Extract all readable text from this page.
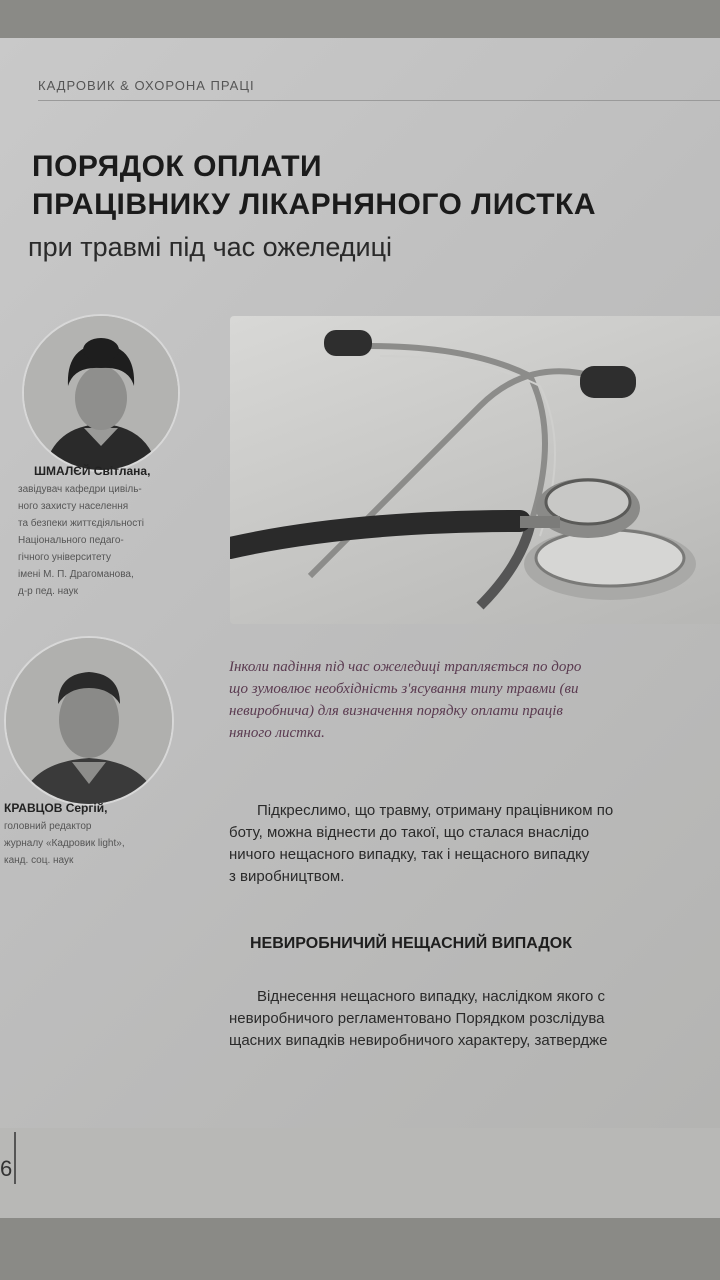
КАДРОВИК & ОХОРОНА ПРАЦІ
ПОРЯДОК ОПЛАТИ
ПРАЦІВНИКУ ЛІКАРНЯНОГО ЛИСТКА
при травмі під час ожеледиці
ШМАЛЄЙ Світлана,
завідувач кафедри цивіль-
ного захисту населення
та безпеки життєдіяльності
Національного педаго-
гічного університету
імені М. П. Драгоманова,
д-р пед. наук
КРАВЦОВ Сергій,
головний редактор
журналу «Кадровик light»,
канд. соц. наук

Інколи падіння під час ожеледиці трапляється по доро

що зумовлює необхідність з'ясування типу травми (ви

невиробнича) для визначення порядку оплати праців

няного листка.

Підкреслимо, що травму, отриману працівником по

боту, можна віднести до такої, що сталася внаслідо

ничого нещасного випадку, так і нещасного випадку

з виробництвом.

НЕВИРОБНИЧИЙ НЕЩАСНИЙ ВИПАДОК

Віднесення нещасного випадку, наслідком якого с

невиробничого регламентовано Порядком розслідува

щасних випадків невиробничого характеру, затверджe

6
